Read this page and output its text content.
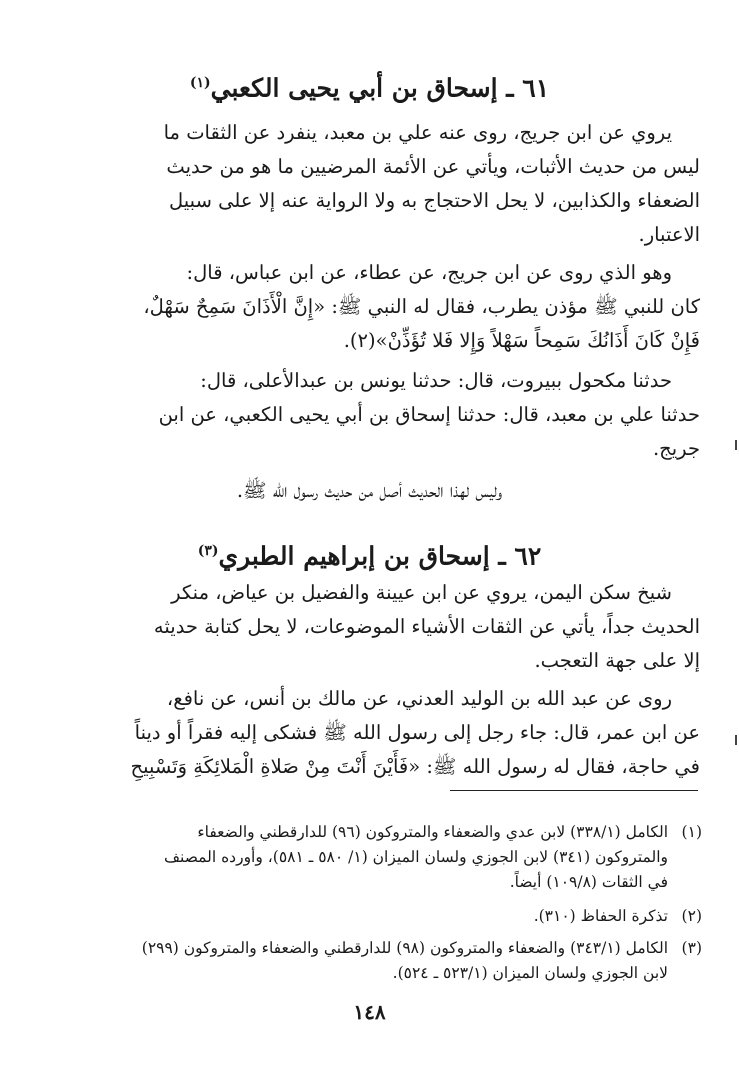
٦١ ـ إسحاق بن أبي يحيى الكعبي$^{(١)}$
يروي عن ابن جريج، روى عنه علي بن معبد، ينفرد عن الثقات ما
ليس من حديث الأثبات، ويأتي عن الأئمة المرضيين ما هو من حديث
الضعفاء والكذابين، لا يحل الاحتجاج به ولا الرواية عنه إلا على سبيل
الاعتبار.
وهو الذي روى عن ابن جريج، عن عطاء، عن ابن عباس، قال:
كان للنبي ﷺ مؤذن يطرب، فقال له النبي ﷺ: «إِنَّ الْأَذَانَ سَمِحٌ سَهْلٌ،
فَإِنْ كَانَ أَذَانُكَ سَمِحاً سَهْلاً وَإِلا فَلا تُؤَذِّنْ»(٢).
حدثنا مكحول ببيروت، قال: حدثنا يونس بن عبدالأعلى، قال:
حدثنا علي بن معبد، قال: حدثنا إسحاق بن أبي يحيى الكعبي، عن ابن
جريج.
وليس لهذا الحديث أصل من حديث رسول الله ﷺ.
٦٢ ـ إسحاق بن إبراهيم الطبري$^{(٣)}$
شيخ سكن اليمن، يروي عن ابن عيينة والفضيل بن عياض، منكر
الحديث جداً، يأتي عن الثقات الأشياء الموضوعات، لا يحل كتابة حديثه
إلا على جهة التعجب.
روى عن عبد الله بن الوليد العدني، عن مالك بن أنس، عن نافع،
عن ابن عمر، قال: جاء رجل إلى رسول الله ﷺ فشكى إليه فقراً أو ديناً
في حاجة، فقال له رسول الله ﷺ: «فَأَيْنَ أَنْتَ مِنْ صَلاةِ الْمَلائِكَةِ وَتَسْبِيحِ
(١)الكامل (٣٣٨/١) لابن عدي والضعفاء والمتروكون (٩٦) للدارقطني والضعفاء
والمتروكون (٣٤١) لابن الجوزي ولسان الميزان (١/ ٥٨٠ ـ ٥٨١)، وأورده المصنف
في الثقات (١٠٩/٨) أيضاً.
(٢)تذكرة الحفاظ (٣١٠).
(٣)الكامل (٣٤٣/١) والضعفاء والمتروكون (٩٨) للدارقطني والضعفاء والمتروكون (٢٩٩)
لابن الجوزي ولسان الميزان (٥٢٣/١ ـ ٥٢٤).
١٤٨
